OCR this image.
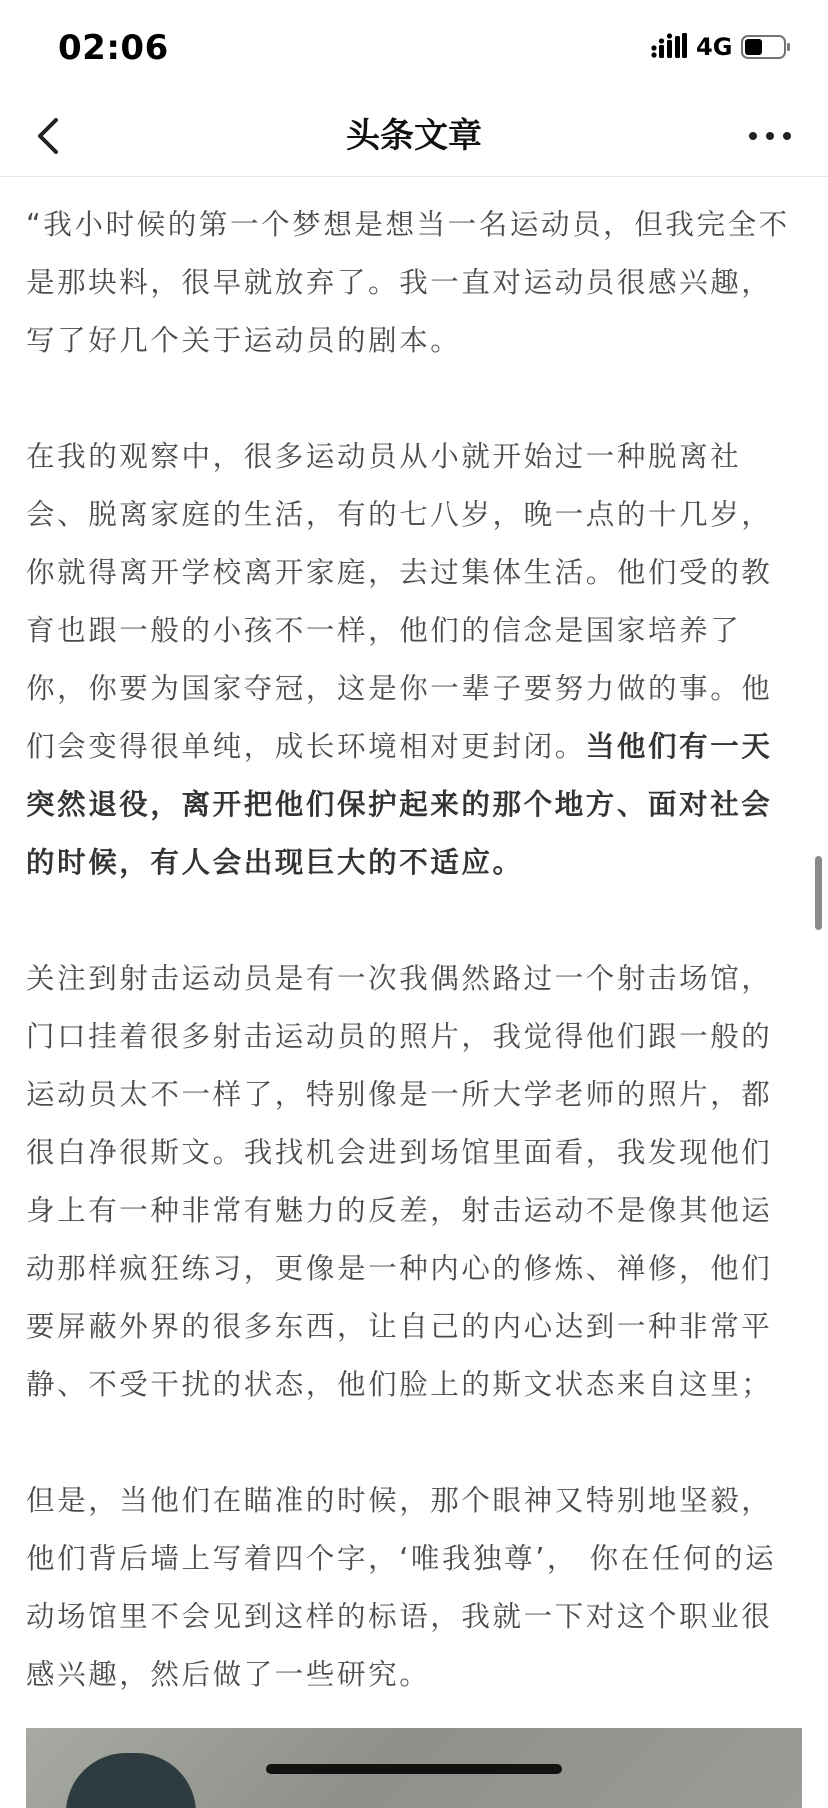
02:06	4G
头条文章

“我小时候的第一个梦想是想当一名运动员，但我完全不是那块料，很早就放弃了。我一直对运动员很感兴趣，写了好几个关于运动员的剧本。

在我的观察中，很多运动员从小就开始过一种脱离社会、脱离家庭的生活，有的七八岁，晚一点的十几岁，你就得离开学校离开家庭，去过集体生活。他们受的教育也跟一般的小孩不一样，他们的信念是国家培养了你，你要为国家夺冠，这是你一辈子要努力做的事。他们会变得很单纯，成长环境相对更封闭。当他们有一天突然退役，离开把他们保护起来的那个地方、面对社会的时候，有人会出现巨大的不适应。

关注到射击运动员是有一次我偶然路过一个射击场馆，门口挂着很多射击运动员的照片，我觉得他们跟一般的运动员太不一样了，特别像是一所大学老师的照片，都很白净很斯文。我找机会进到场馆里面看，我发现他们身上有一种非常有魅力的反差，射击运动不是像其他运动那样疯狂练习，更像是一种内心的修炼、禅修，他们要屏蔽外界的很多东西，让自己的内心达到一种非常平静、不受干扰的状态，他们脸上的斯文状态来自这里；

但是，当他们在瞄准的时候，那个眼神又特别地坚毅，他们背后墙上写着四个字，‘唯我独尊’， 你在任何的运动场馆里不会见到这样的标语，我就一下对这个职业很感兴趣，然后做了一些研究。
